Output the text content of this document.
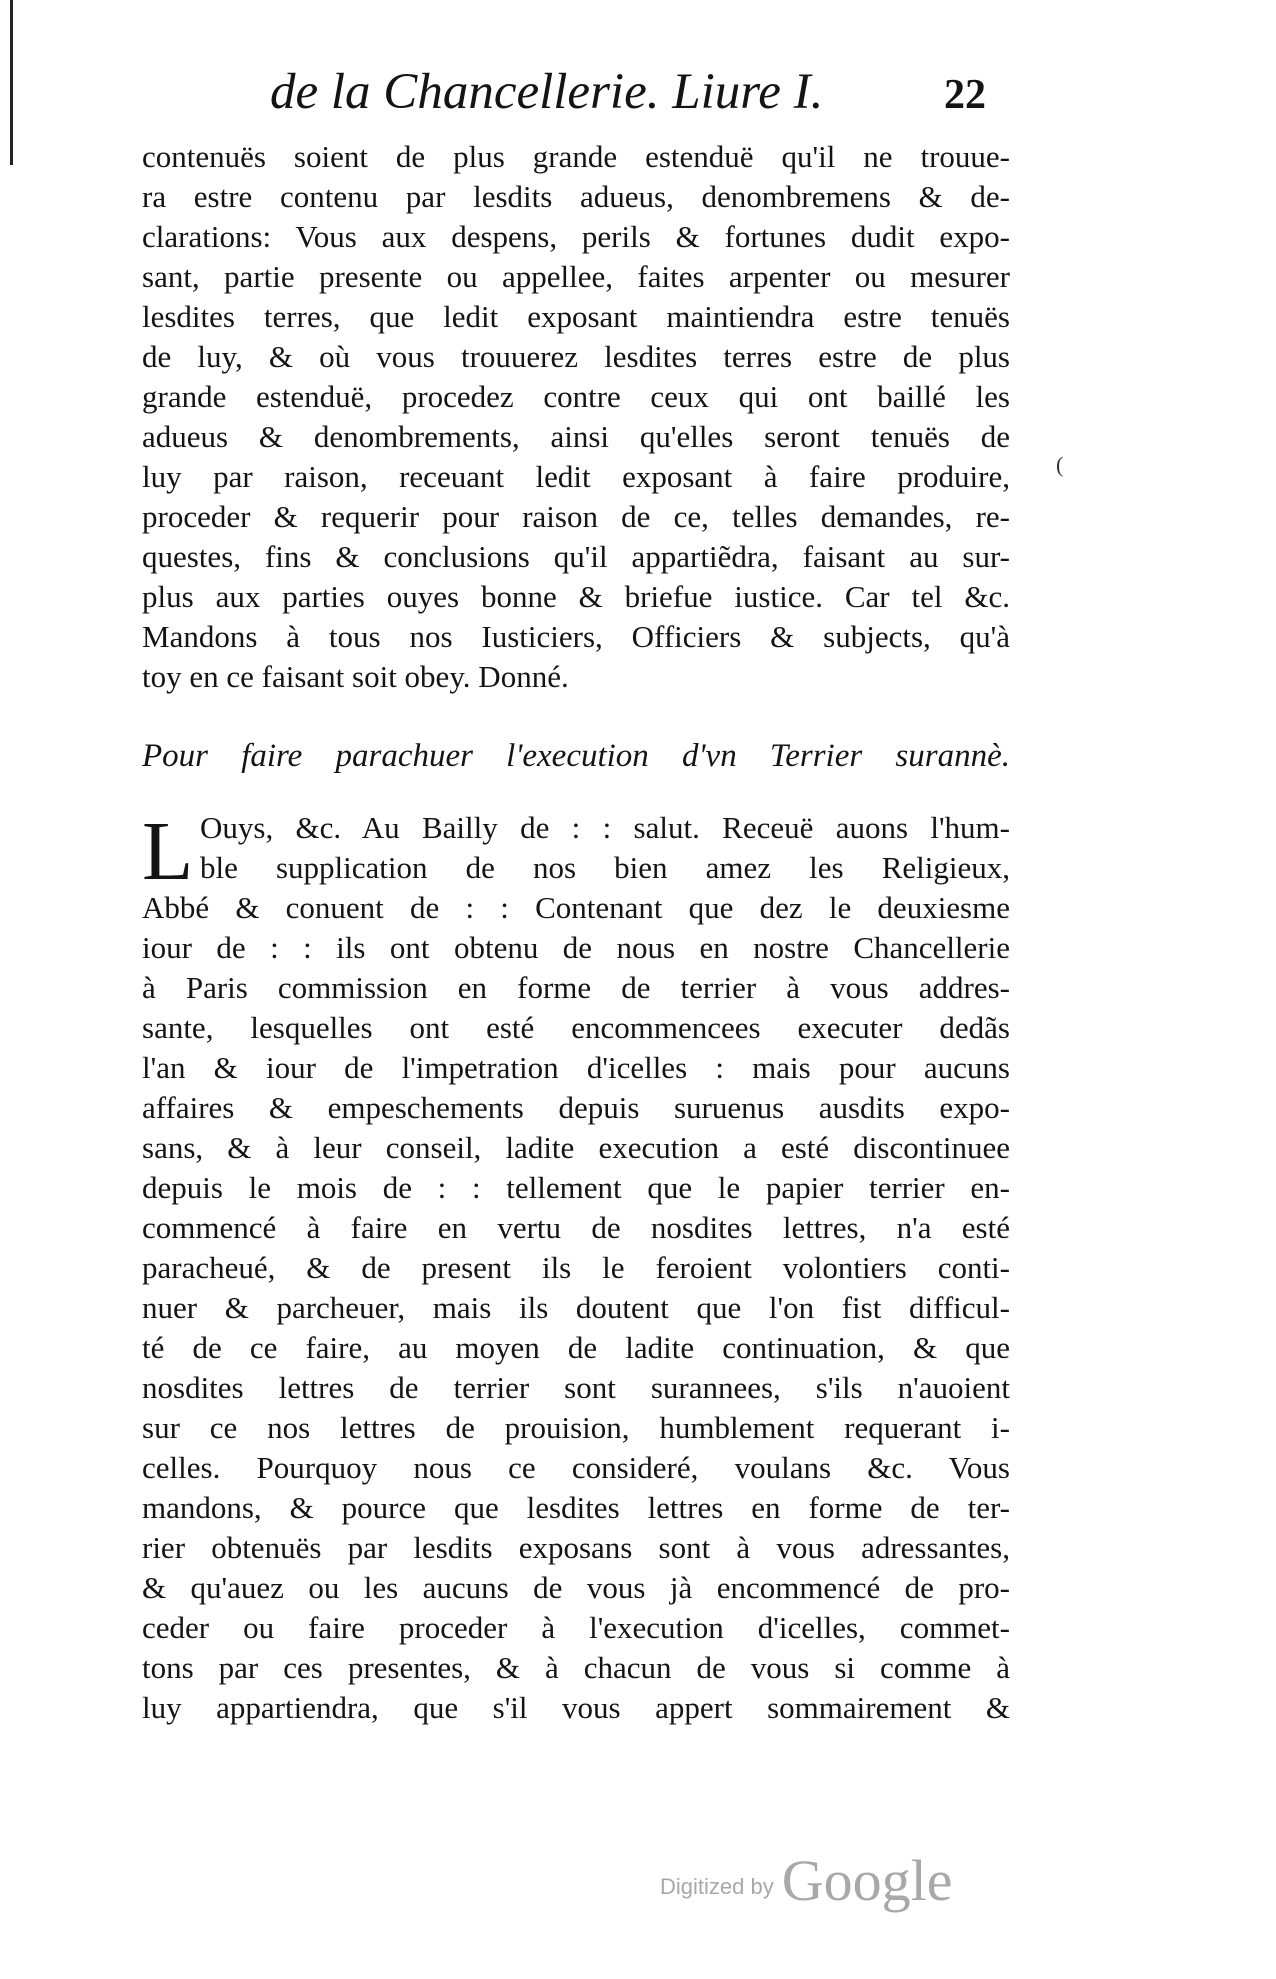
de la Chancellerie. Liure I.	22
contenuës soient de plus grande estenduë qu'il ne trouue-
ra estre contenu par lesdits adueus, denombremens & de-
clarations: Vous aux despens, perils & fortunes dudit expo-
sant, partie presente ou appellee, faites arpenter ou mesurer
lesdites terres, que ledit exposant maintiendra estre tenuës
de luy, & où vous trouuerez lesdites terres estre de plus
grande estenduë, procedez contre ceux qui ont baillé les
adueus & denombrements, ainsi qu'elles seront tenuës de
luy par raison, receuant ledit exposant à faire produire,
proceder & requerir pour raison de ce, telles demandes, re-
questes, fins & conclusions qu'il appartiẽdra, faisant au sur-
plus aux parties ouyes bonne & briefue iustice. Car tel &c.
Mandons à tous nos Iusticiers, Officiers & subjects, qu'à
toy en ce faisant soit obey. Donné.
(
Pour faire parachuer l'execution d'vn Terrier surannè.
L Ouys, &c. Au Bailly de : : salut. Receuë auons l'hum-
ble supplication de nos bien amez les Religieux,
Abbé & conuent de : : Contenant que dez le deuxiesme
iour de : : ils ont obtenu de nous en nostre Chancellerie
à Paris commission en forme de terrier à vous addres-
sante, lesquelles ont esté encommencees executer dedãs
l'an & iour de l'impetration d'icelles : mais pour aucuns
affaires & empeschements depuis suruenus ausdits expo-
sans, & à leur conseil, ladite execution a esté discontinuee
depuis le mois de : : tellement que le papier terrier en-
commencé à faire en vertu de nosdites lettres, n'a esté
paracheué, & de present ils le feroient volontiers conti-
nuer & parcheuer, mais ils doutent que l'on fist difficul-
té de ce faire, au moyen de ladite continuation, & que
nosdites lettres de terrier sont surannees, s'ils n'auoient
sur ce nos lettres de prouision, humblement requerant i-
celles. Pourquoy nous ce consideré, voulans &c. Vous
mandons, & pource que lesdites lettres en forme de ter-
rier obtenuës par lesdits exposans sont à vous adressantes,
& qu'auez ou les aucuns de vous jà encommencé de pro-
ceder ou faire proceder à l'execution d'icelles, commet-
tons par ces presentes, & à chacun de vous si comme à
luy appartiendra, que s'il vous appert sommairement &
Digitized by Google
